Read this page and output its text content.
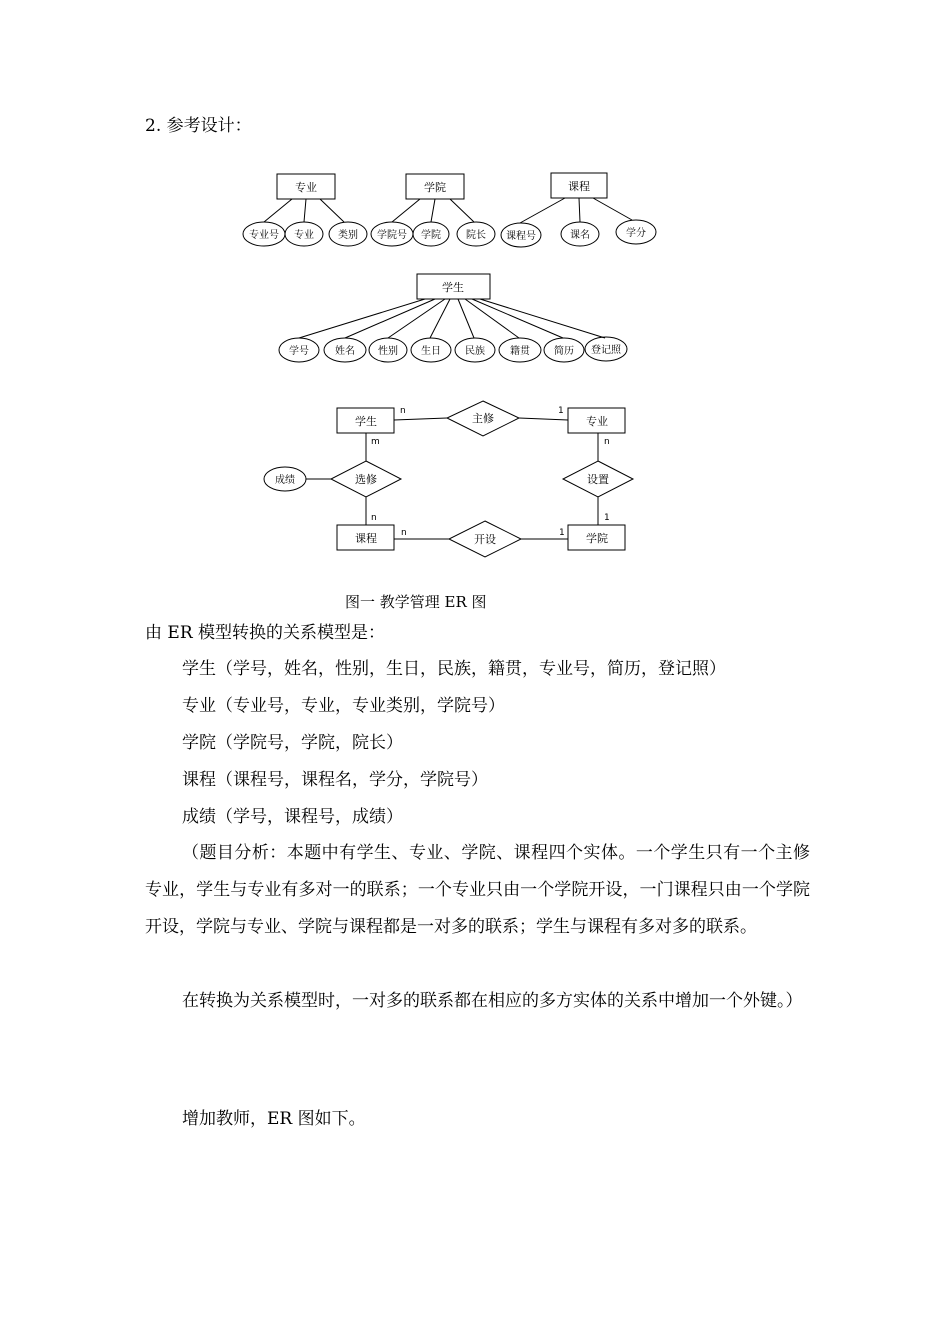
2. 参考设计：
专业	学院	课程
专业号 专业 类别 学院号 学院	院长 课程号	课名	学分
学生
学号	姓名 性别 生日 民族	籍贯 简历 登记照
学生	专业
课程	学院
主修
选修	设置
开设
成绩
n	1
m	n
n	1
n	1
图一 教学管理 ER 图
由 ER 模型转换的关系模型是：
学生（学号，姓名，性别，生日，民族，籍贯，专业号，简历，登记照）
专业（专业号，专业，专业类别，学院号）
学院（学院号，学院，院长）
课程（课程号，课程名，学分，学院号）
成绩（学号，课程号，成绩）
（题目分析：本题中有学生、专业、学院、课程四个实体。一个学生只有一个主修专业，学生与专业有多对一的联系；一个专业只由一个学院开设，一门课程只由一个学院开设，学院与专业、学院与课程都是一对多的联系；学生与课程有多对多的联系。
在转换为关系模型时，一对多的联系都在相应的多方实体的关系中增加一个外键。）
增加教师，ER 图如下。
